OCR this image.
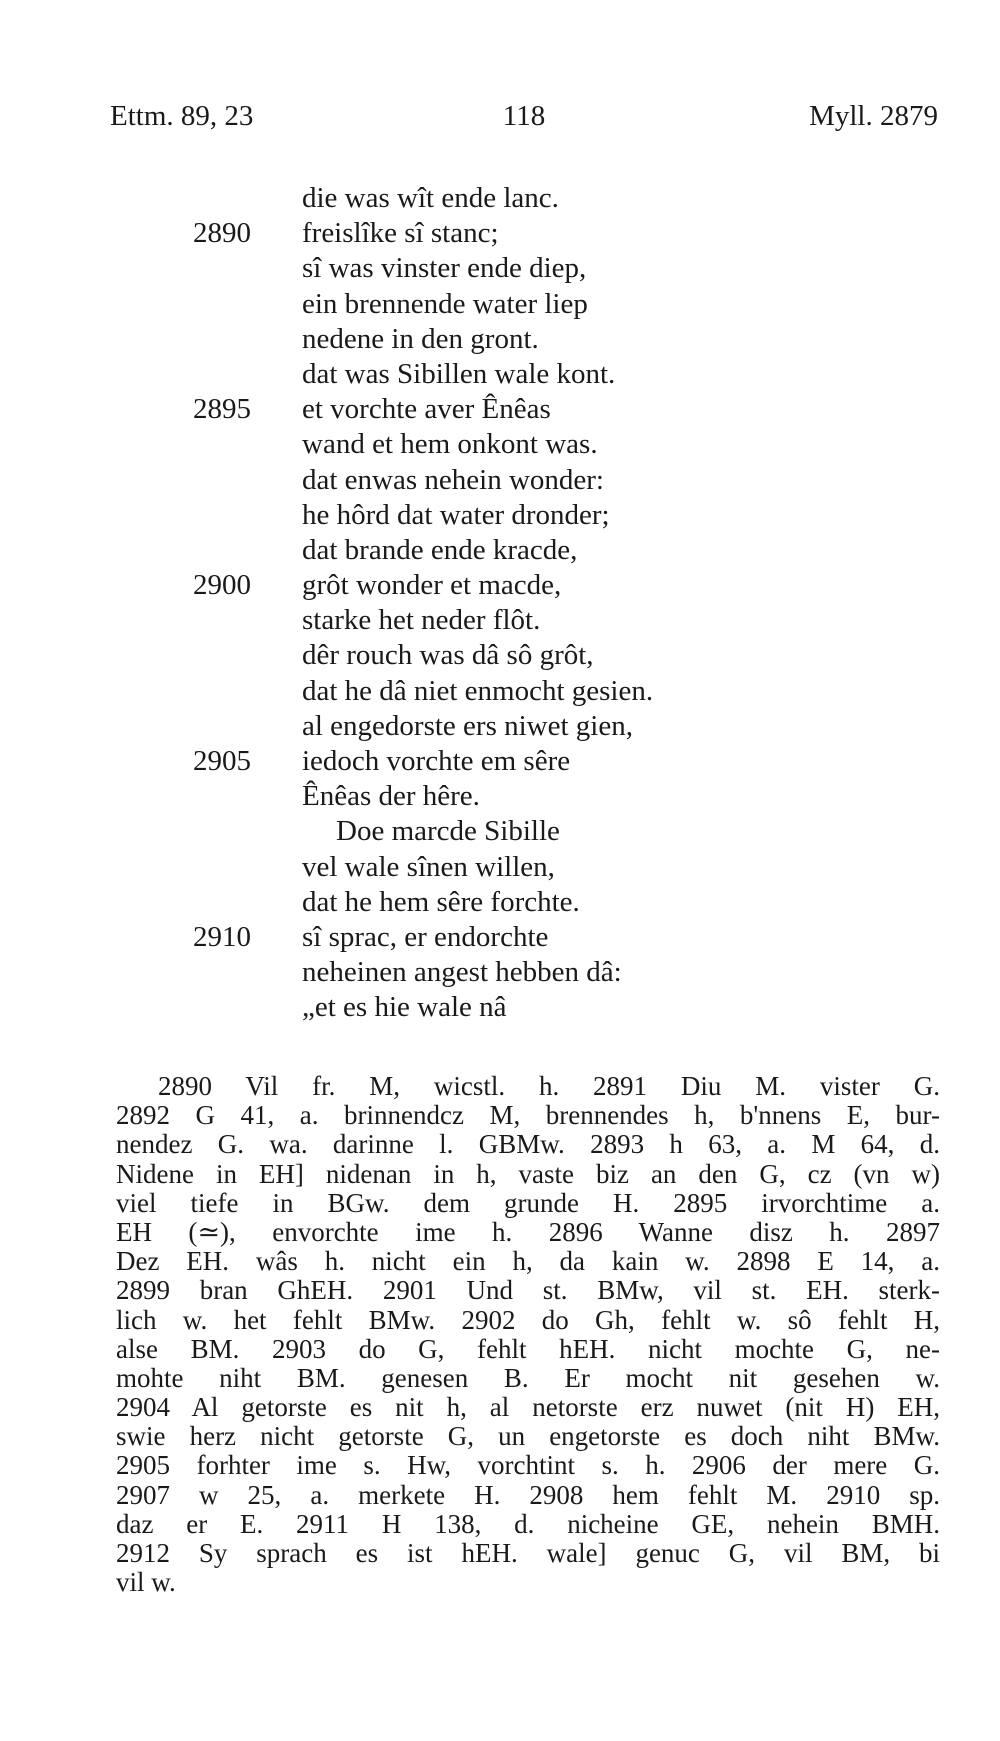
Ettm. 89, 23	118	Myll. 2879
die was wît ende lanc.
2890	freislîke sî stanc;
sî was vinster ende diep,
ein brennende water liep
nedene in den gront.
dat was Sibillen wale kont.
2895	et vorchte aver Ênêas
wand et hem onkont was.
dat enwas nehein wonder:
he hôrd dat water dronder;
dat brande ende kracde,
2900	grôt wonder et macde,
starke het neder flôt.
dêr rouch was dâ sô grôt,
dat he dâ niet enmocht gesien.
al engedorste ers niwet gien,
2905	iedoch vorchte em sêre
Ênêas der hêre.
Doe marcde Sibille
vel wale sînen willen,
dat he hem sêre forchte.
2910	sî sprac, er endorchte
neheinen angest hebben dâ:
„et es hie wale nâ
2890 Vil fr. M, wicstl. h. 2891 Diu M. vister G.
2892 G 41, a. brinnendcz M, brennendes h, b'nnens E, bur-
nendez G. wa. darinne l. GBMw. 2893 h 63, a. M 64, d.
Nidene in EH] nidenan in h, vaste biz an den G, cz (vn w)
viel tiefe in BGw. dem grunde H. 2895 irvorchtime a.
EH (≃), envorchte ime h. 2896 Wanne disz h. 2897
Dez EH. wâs h. nicht ein h, da kain w. 2898 E 14, a.
2899 bran GhEH. 2901 Und st. BMw, vil st. EH. sterk-
lich w. het fehlt BMw. 2902 do Gh, fehlt w. sô fehlt H,
alse BM. 2903 do G, fehlt hEH. nicht mochte G, ne-
mohte niht BM. genesen B. Er mocht nit gesehen w.
2904 Al getorste es nit h, al netorste erz nuwet (nit H) EH,
swie herz nicht getorste G, un engetorste es doch niht BMw.
2905 forhter ime s. Hw, vorchtint s. h. 2906 der mere G.
2907 w 25, a. merkete H. 2908 hem fehlt M. 2910 sp.
daz er E. 2911 H 138, d. nicheine GE, nehein BMH.
2912 Sy sprach es ist hEH. wale] genuc G, vil BM, bi
vil w.
